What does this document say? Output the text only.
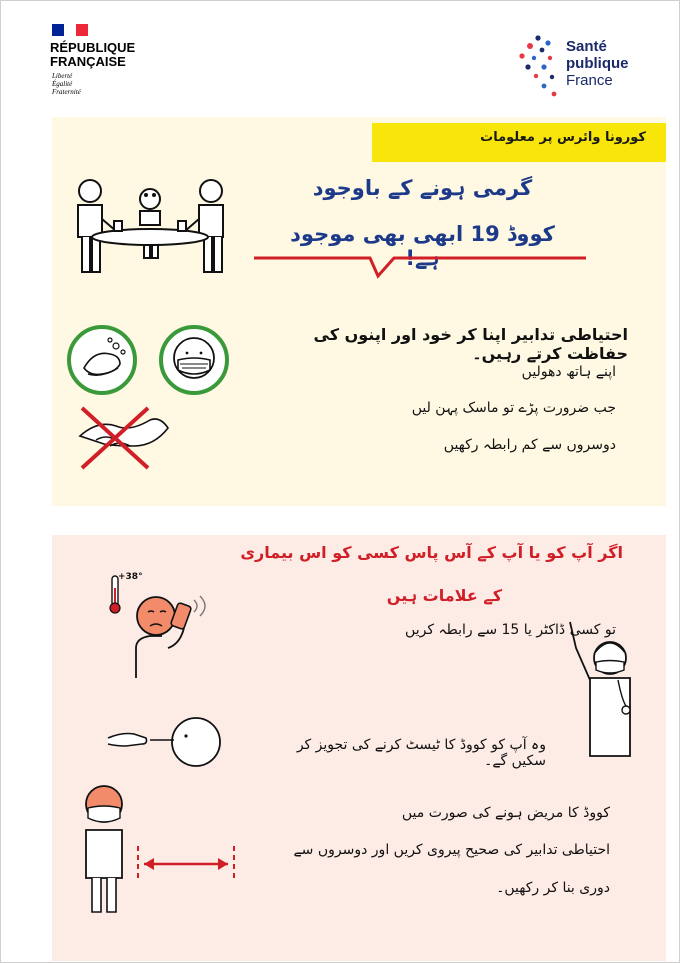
RÉPUBLIQUE
FRANÇAISE
Liberté
Égalité
Fraternité
Santé
publique
France
کورونا وائرس پر معلومات
گرمی ہونے کے باوجود
کووڈ 19 ابھی بھی موجود ہے!
احتیاطی تدابیر اپنا کر خود اور اپنوں کی حفاظت کرتے رہیں۔
اپنے ہاتھ دھولیں
جب ضرورت پڑے تو ماسک پہن لیں
دوسروں سے کم رابطہ رکھیں
اگر آپ کو یا آپ کے آس پاس کسی کو اس بیماری
کے علامات ہیں
تو کسی ڈاکٹر یا 15 سے رابطہ کریں
+38°
وہ آپ کو کووڈ کا ٹیسٹ کرنے کی تجویز کر سکیں گے۔
کووڈ کا مریض ہونے کی صورت میں
احتیاطی تدابیر کی صحیح پیروی کریں اور دوسروں سے
دوری بنا کر رکھیں۔
